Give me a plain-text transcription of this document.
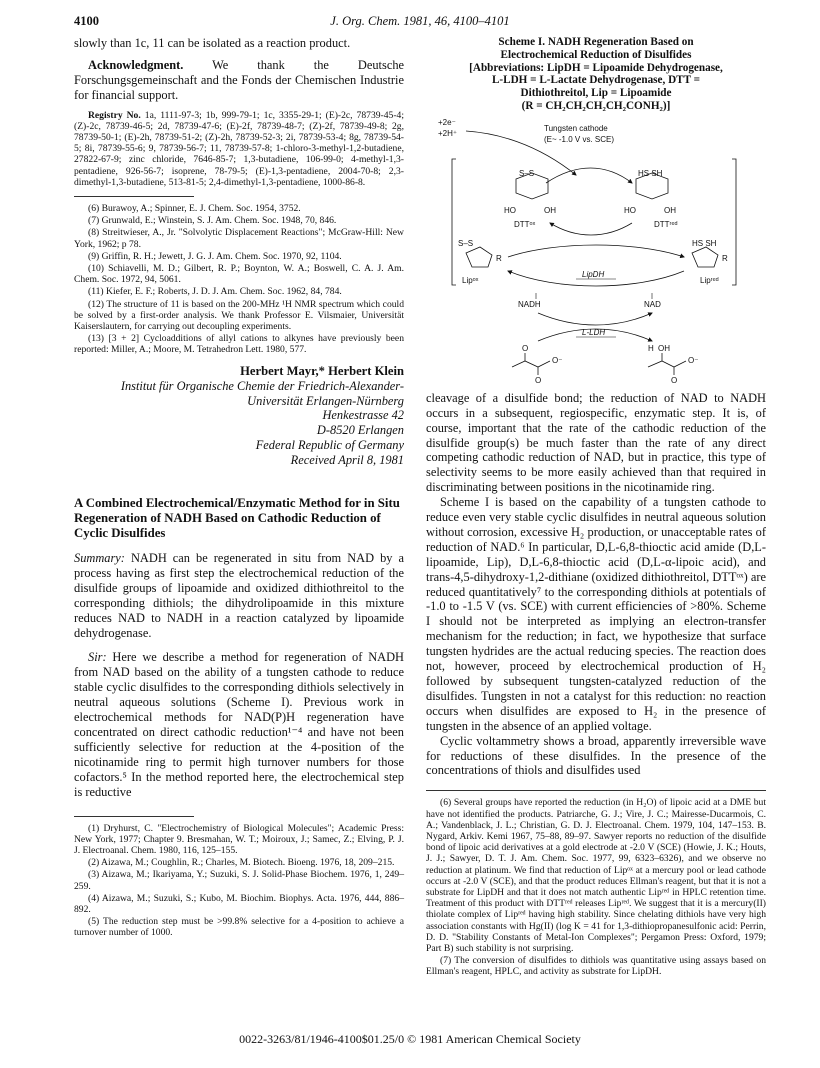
4100	J. Org. Chem. 1981, 46, 4100–4101

slowly than 1c, 11 can be isolated as a reaction product.

Acknowledgment. We thank the Deutsche Forschungsgemeinschaft and the Fonds der Chemischen Industrie for financial support.

Registry No. 1a, 1111-97-3; 1b, 999-79-1; 1c, 3355-29-1; (E)-2c, 78739-45-4; (Z)-2c, 78739-46-5; 2d, 78739-47-6; (E)-2f, 78739-48-7; (Z)-2f, 78739-49-8; 2g, 78739-50-1; (E)-2h, 78739-51-2; (Z)-2h, 78739-52-3; 2i, 78739-53-4; 8g, 78739-54-5; 8i, 78739-55-6; 9, 78739-56-7; 11, 78739-57-8; 1-chloro-3-methyl-1,2-butadiene, 27822-67-9; zinc chloride, 7646-85-7; 1,3-butadiene, 106-99-0; 4-methyl-1,3-pentadiene, 926-56-7; isoprene, 78-79-5; (E)-1,3-pentadiene, 2004-70-8; 2,3-dimethyl-1,3-butadiene, 513-81-5; 2,4-dimethyl-1,3-pentadiene, 1000-86-8.

(6) Burawoy, A.; Spinner, E. J. Chem. Soc. 1954, 3752.

(7) Grunwald, E.; Winstein, S. J. Am. Chem. Soc. 1948, 70, 846.

(8) Streitwieser, A., Jr. "Solvolytic Displacement Reactions"; McGraw-Hill: New York, 1962; p 78.

(9) Griffin, R. H.; Jewett, J. G. J. Am. Chem. Soc. 1970, 92, 1104.

(10) Schiavelli, M. D.; Gilbert, R. P.; Boynton, W. A.; Boswell, C. A. J. Am. Chem. Soc. 1972, 94, 5061.

(11) Kiefer, E. F.; Roberts, J. D. J. Am. Chem. Soc. 1962, 84, 784.

(12) The structure of 11 is based on the 200-MHz ¹H NMR spectrum which could be solved by a first-order analysis. We thank Professor E. Vilsmaier, Universität Kaiserslautern, for carrying out decoupling experiments.

(13) [3 + 2] Cycloadditions of allyl cations to alkynes have previously been reported: Miller, A.; Moore, M. Tetrahedron Lett. 1980, 577.

Herbert Mayr,* Herbert Klein

Institut für Organische Chemie der Friedrich-Alexander-Universität Erlangen-Nürnberg

Henkestrasse 42

D-8520 Erlangen

Federal Republic of Germany

Received April 8, 1981

A Combined Electrochemical/Enzymatic Method for in Situ Regeneration of NADH Based on Cathodic Reduction of Cyclic Disulfides

Summary: NADH can be regenerated in situ from NAD by a process having as first step the electrochemical reduction of the disulfide groups of lipoamide and oxidized dithiothreitol to the corresponding dithiols; the dihydrolipoamide in this mixture reduces NAD to NADH in a reaction catalyzed by lipoamide dehydrogenase.

Sir: Here we describe a method for regeneration of NADH from NAD based on the ability of a tungsten cathode to reduce stable cyclic disulfides to the corresponding dithiols selectively in neutral aqueous solutions (Scheme I). Previous work in electrochemical methods for NAD(P)H regeneration have concentrated on direct cathodic reduction¹⁻⁴ and have not been sufficiently selective for reduction at the 4-position of the nicotinamide ring to permit high turnover numbers for those cofactors.⁵ In the method reported here, the electrochemical step is reductive

(1) Dryhurst, C. "Electrochemistry of Biological Molecules"; Academic Press: New York, 1977; Chapter 9. Bresmahan, W. T.; Moiroux, J.; Samec, Z.; Elving, P. J. J. Electroanal. Chem. 1980, 116, 125–155.

(2) Aizawa, M.; Coughlin, R.; Charles, M. Biotech. Bioeng. 1976, 18, 209–215.

(3) Aizawa, M.; Ikariyama, Y.; Suzuki, S. J. Solid-Phase Biochem. 1976, 1, 249–259.

(4) Aizawa, M.; Suzuki, S.; Kubo, M. Biochim. Biophys. Acta. 1976, 444, 886–892.

(5) The reduction step must be >99.8% selective for a 4-position to achieve a turnover number of 1000.

Scheme I. NADH Regeneration Based on

Electrochemical Reduction of Disulfides

[Abbreviations: LipDH = Lipoamide Dehydrogenase,

L-LDH = L-Lactate Dehydrogenase, DTT =

Dithiothreitol, Lip = Lipoamide

(R = CH₂CH₂CH₂CH₂CONH₂)]

+2e⁻
+2H⁺
Tungsten cathode
(E~ -1.0 V vs. SCE)
S–S
HO	OH
DTTᵒˣ
HS SH
HO	OH
DTTʳᵉᵈ
S–S
R
Lipᵒˣ
HS SH
R
Lipʳᵉᵈ
LipDH
NADH	NAD
L-LDH
O
O⁻
O
H OH
O⁻
O

cleavage of a disulfide bond; the reduction of NAD to NADH occurs in a subsequent, regiospecific, enzymatic step. It is, of course, important that the rate of the cathodic reduction of the disulfide group(s) be much faster than the rate of any direct competing cathodic reduction of NAD, but in practice, this type of selectivity seems to be more easily achieved than that required in discriminating between positions in the nicotinamide ring.

Scheme I is based on the capability of a tungsten cathode to reduce even very stable cyclic disulfides in neutral aqueous solution without corrosion, excessive H₂ production, or unacceptable rates of reduction of NAD.⁶ In particular, D,L-6,8-thioctic acid amide (D,L-lipoamide, Lip), D,L-6,8-thioctic acid (D,L-α-lipoic acid), and trans-4,5-dihydroxy-1,2-dithiane (oxidized dithiothreitol, DTTᵒˣ) are reduced quantitatively⁷ to the corresponding dithiols at potentials of -1.0 to -1.5 V (vs. SCE) with current efficiencies of >80%. Scheme I should not be interpreted as implying an electron-transfer mechanism for the reduction; in fact, we hypothesize that surface tungsten hydrides are the actual reducing species. The reaction does not, however, proceed by electrochemical production of H₂ followed by subsequent tungsten-catalyzed reduction of the disulfides. Tungsten in not a catalyst for this reduction: no reaction occurs when disulfides are exposed to H₂ in the presence of tungsten in the absence of an applied voltage.

Cyclic voltammetry shows a broad, apparently irreversible wave for reductions of these disulfides. In the presence of the concentrations of thiols and disulfides used

(6) Several groups have reported the reduction (in H₂O) of lipoic acid at a DME but have not identified the products. Patriarche, G. J.; Vire, J. C.; Mairesse-Ducarmois, C. A.; Vandenblack, J. L.; Christian, G. D. J. Electroanal. Chem. 1979, 104, 147–153. B. Nygard, Arkiv. Kemi 1967, 75–88, 89–97. Sawyer reports no reduction of the disulfide bond of lipoic acid derivatives at a gold electrode at -2.0 V (SCE) (Howie, J. K.; Houts, J. J.; Sawyer, D. T. J. Am. Chem. Soc. 1977, 99, 6323–6326), and we observe no reduction at platinum. We find that reduction of Lipᵒˣ at a mercury pool or lead cathode occurs at -2.0 V (SCE), and that the product reduces Ellman's reagent, but that it is not a substrate for LipDH and that it does not match authentic Lipʳᵉᵈ in HPLC retention time. Treatment of this product with DTTʳᵉᵈ releases Lipʳᵉᵈ. We suggest that it is a mercury(II) thiolate complex of Lipʳᵉᵈ having high stability. Since chelating dithiols have very high association constants with Hg(II) (log K = 41 for 1,3-dithiopropanesulfonic acid: Perrin, D. D. "Stability Constants of Metal-Ion Complexes"; Pergamon Press: Oxford, 1979; Part B) such stability is not surprising.

(7) The conversion of disulfides to dithiols was quantitative using assays based on Ellman's reagent, HPLC, and activity as substrate for LipDH.

0022-3263/81/1946-4100$01.25/0 © 1981 American Chemical Society
